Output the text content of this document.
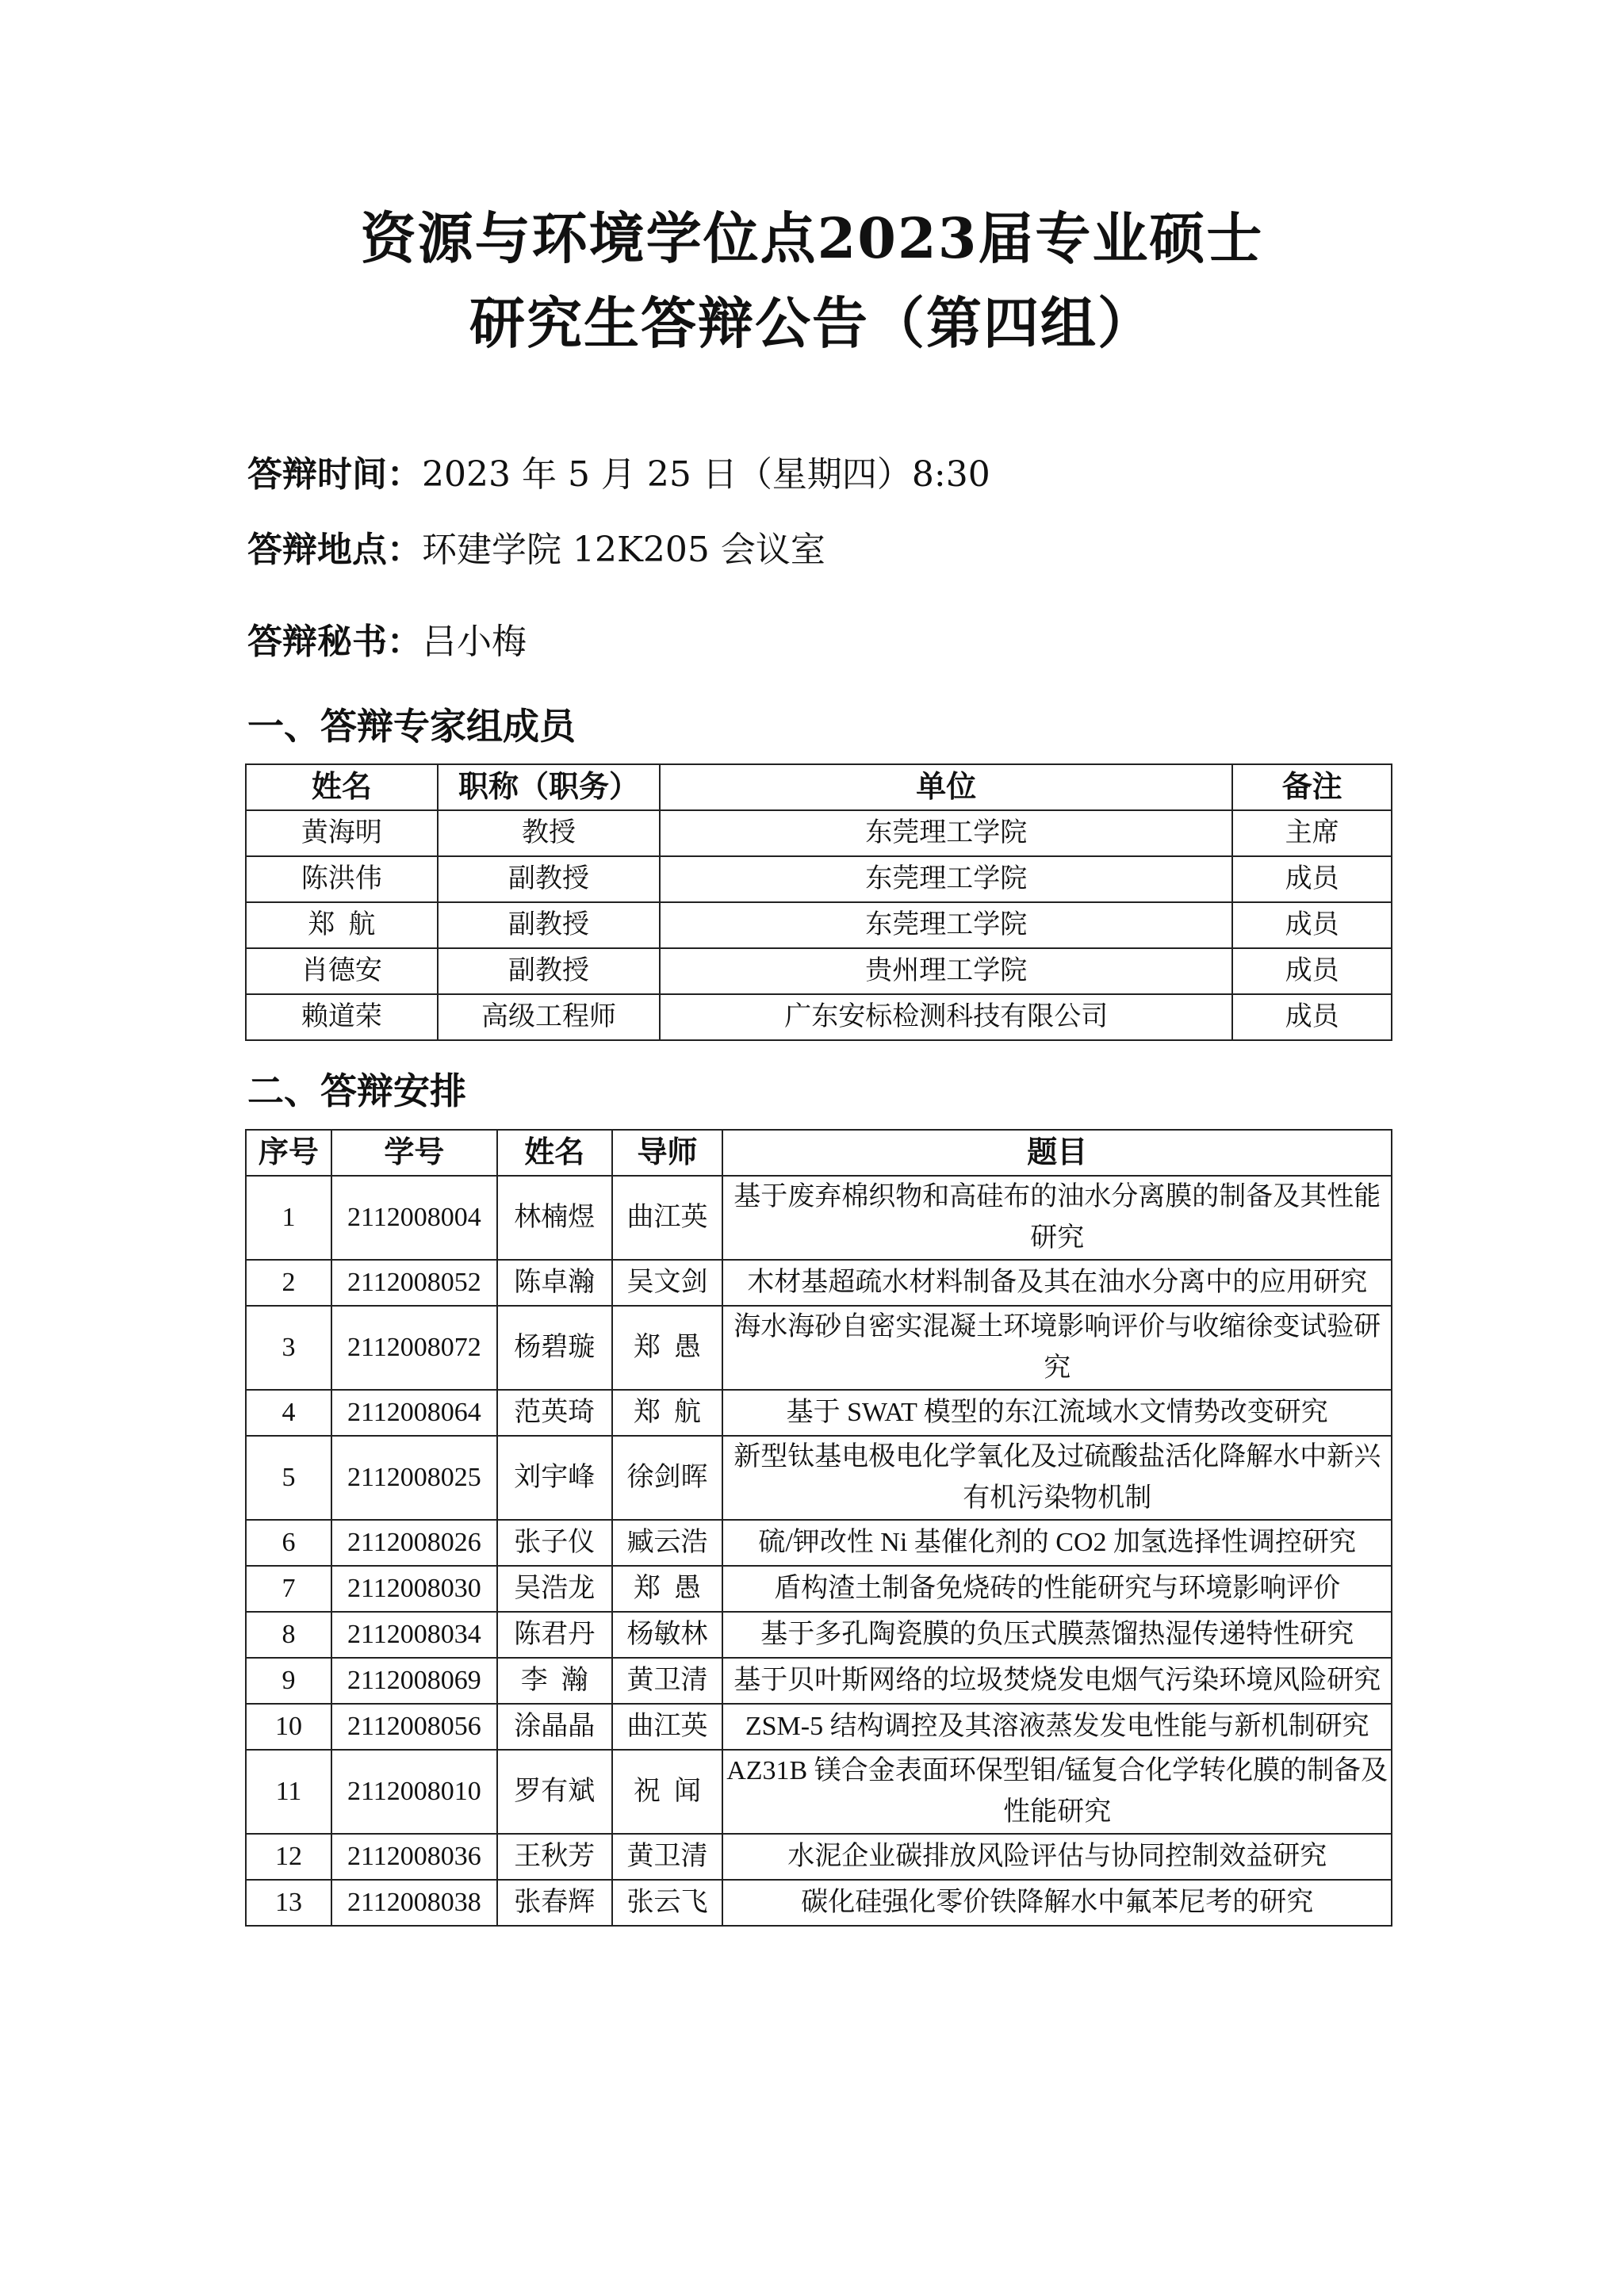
资源与环境学位点2023届专业硕士
研究生答辩公告（第四组）
答辩时间：2023 年 5 月 25 日（星期四）8:30
答辩地点：环建学院 12K205 会议室
答辩秘书：吕小梅
一、答辩专家组成员
姓名	职称（职务）	单位	备注
黄海明	教授	东莞理工学院	主席
陈洪伟	副教授	东莞理工学院	成员
郑  航	副教授	东莞理工学院	成员
肖德安	副教授	贵州理工学院	成员
赖道荣	高级工程师	广东安标检测科技有限公司	成员
二、答辩安排
序号	学号	姓名	导师	题目
1	2112008004	林楠煜	曲江英	基于废弃棉织物和高硅布的油水分离膜的制备及其性能研究
2	2112008052	陈卓瀚	吴文剑	木材基超疏水材料制备及其在油水分离中的应用研究
3	2112008072	杨碧璇	郑  愚	海水海砂自密实混凝土环境影响评价与收缩徐变试验研究
4	2112008064	范英琦	郑  航	基于 SWAT 模型的东江流域水文情势改变研究
5	2112008025	刘宇峰	徐剑晖	新型钛基电极电化学氧化及过硫酸盐活化降解水中新兴有机污染物机制
6	2112008026	张子仪	臧云浩	硫/钾改性 Ni 基催化剂的 CO2 加氢选择性调控研究
7	2112008030	吴浩龙	郑  愚	盾构渣土制备免烧砖的性能研究与环境影响评价
8	2112008034	陈君丹	杨敏林	基于多孔陶瓷膜的负压式膜蒸馏热湿传递特性研究
9	2112008069	李  瀚	黄卫清	基于贝叶斯网络的垃圾焚烧发电烟气污染环境风险研究
10	2112008056	涂晶晶	曲江英	ZSM-5 结构调控及其溶液蒸发发电性能与新机制研究
11	2112008010	罗有斌	祝  闻	AZ31B 镁合金表面环保型钼/锰复合化学转化膜的制备及性能研究
12	2112008036	王秋芳	黄卫清	水泥企业碳排放风险评估与协同控制效益研究
13	2112008038	张春辉	张云飞	碳化硅强化零价铁降解水中氟苯尼考的研究
